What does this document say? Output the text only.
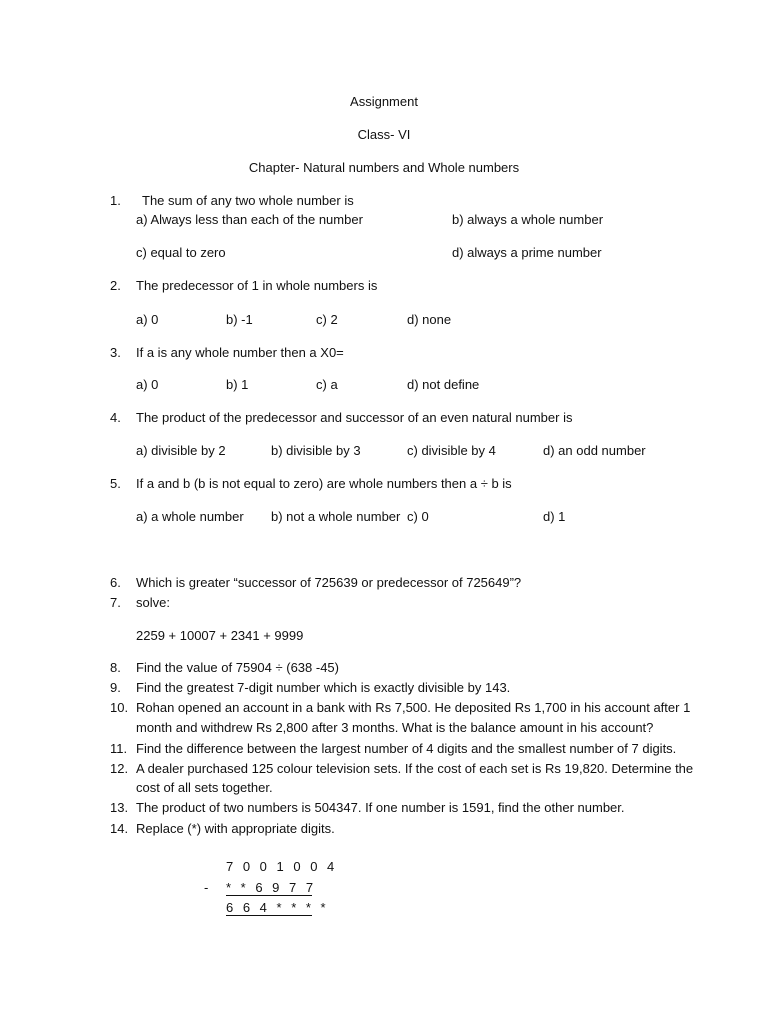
Assignment
Class- VI
Chapter- Natural numbers and Whole numbers
1. The sum of any two whole number is
a) Always less than each of the number	b) always a whole number
c) equal to zero	d) always a prime number
2. The predecessor of 1 in whole numbers is
a) 0	b) -1	c) 2	d) none
3. If a is any whole number then a X0=
a) 0	b) 1	c) a	d) not define
4. The product of the predecessor and successor of an even natural number is
a) divisible by 2	b) divisible by 3	c) divisible by 4	d) an odd number
5. If a and b (b is not equal to zero) are whole numbers then a ÷ b is
a) a whole number b) not a whole number c) 0	d) 1
6. Which is greater “successor of 725639 or predecessor of 725649”?
7. solve:
2259 + 10007 + 2341 + 9999
8. Find the value of 75904 ÷ (638 -45)
9. Find the greatest 7-digit number which is exactly divisible by 143.
10. Rohan opened an account in a bank with Rs 7,500. He deposited Rs 1,700 in his account after 1
month and withdrew Rs 2,800 after 3 months. What is the balance amount in his account?
11. Find the difference between the largest number of 4 digits and the smallest number of 7 digits.
12. A dealer purchased 125 colour television sets. If the cost of each set is Rs 19,820. Determine the
cost of all sets together.
13. The product of two numbers is 504347. If one number is 1591, find the other number.
14. Replace (*) with appropriate digits.
7 0 0 1 0 0 4
- * * 6 9 7 7
6 6 4 * * * *
